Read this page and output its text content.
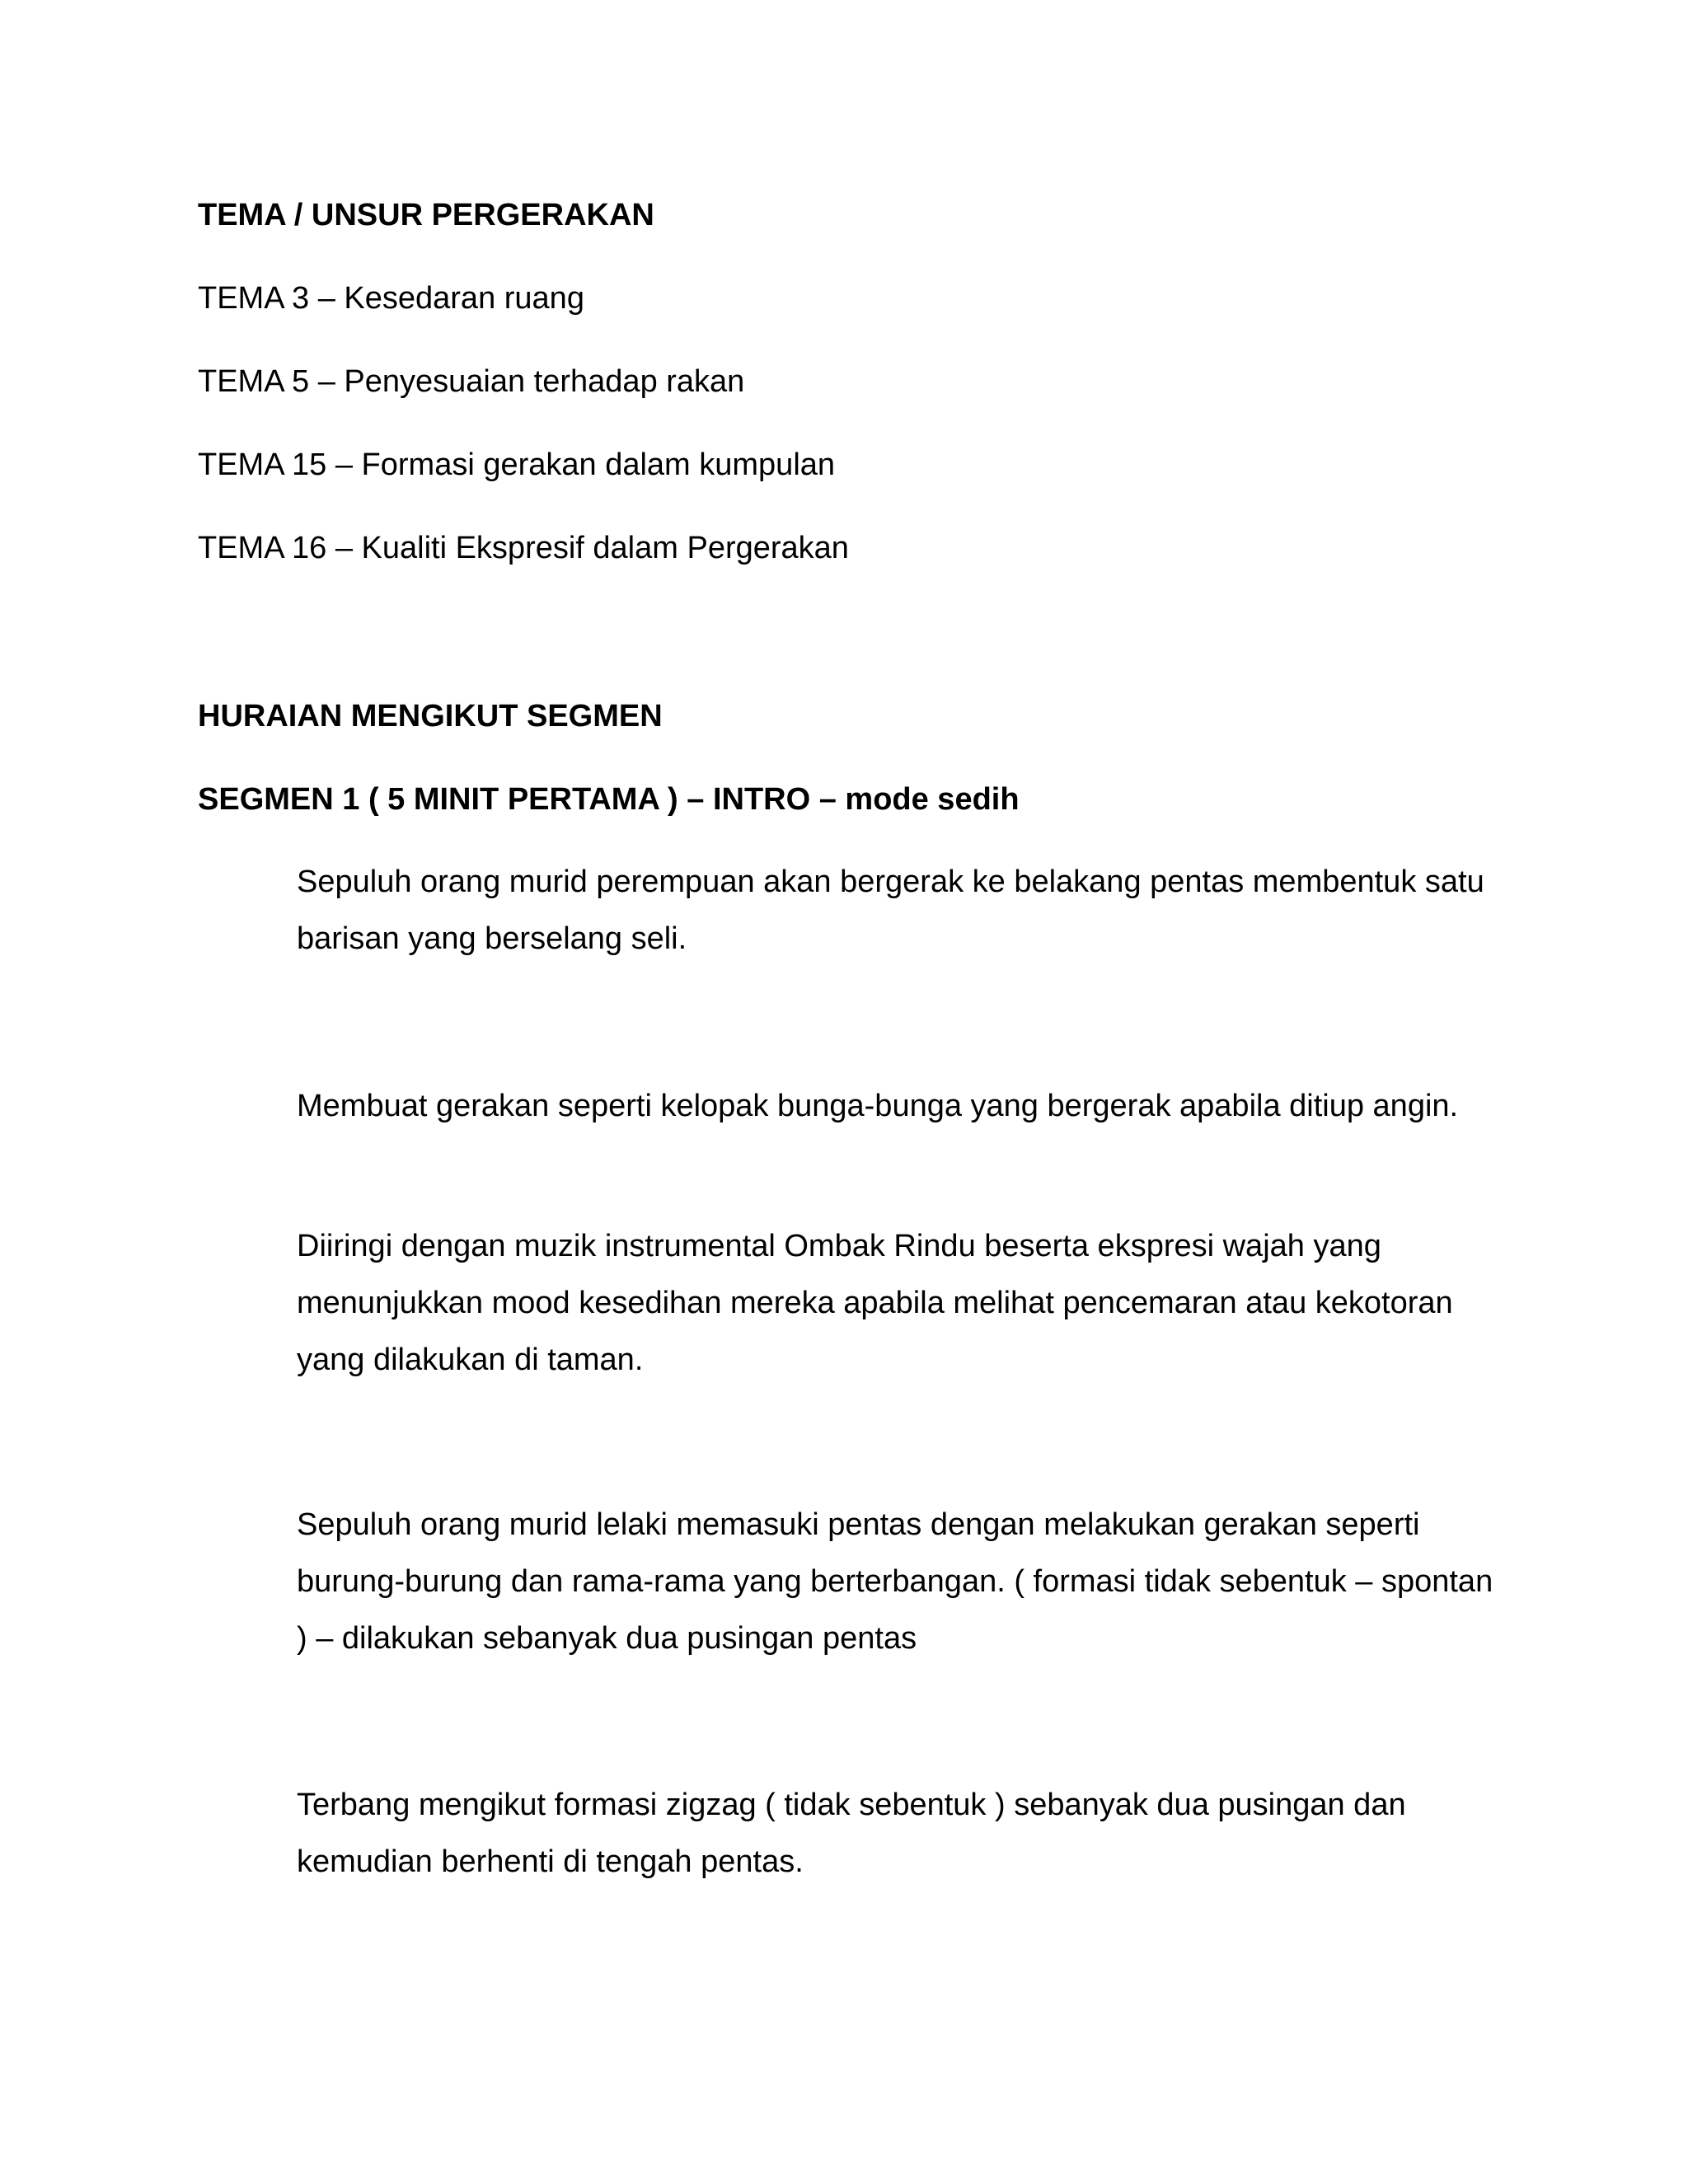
TEMA / UNSUR PERGERAKAN

TEMA 3 – Kesedaran ruang

TEMA 5 – Penyesuaian terhadap rakan

TEMA 15 – Formasi gerakan dalam kumpulan

TEMA 16 – Kualiti Ekspresif dalam Pergerakan

HURAIAN MENGIKUT SEGMEN

SEGMEN 1 ( 5 MINIT PERTAMA ) – INTRO – mode sedih

Sepuluh orang murid perempuan akan bergerak ke belakang pentas membentuk satu barisan yang berselang seli.

Membuat gerakan seperti kelopak bunga-bunga yang bergerak apabila ditiup angin.

Diiringi dengan muzik instrumental Ombak Rindu beserta ekspresi wajah yang menunjukkan mood kesedihan mereka apabila melihat pencemaran atau kekotoran yang dilakukan di taman.

Sepuluh orang murid lelaki memasuki pentas dengan melakukan gerakan seperti burung-burung dan rama-rama yang berterbangan. ( formasi tidak sebentuk – spontan ) – dilakukan sebanyak dua pusingan pentas

Terbang mengikut formasi zigzag ( tidak sebentuk ) sebanyak dua pusingan dan kemudian berhenti di tengah pentas.
